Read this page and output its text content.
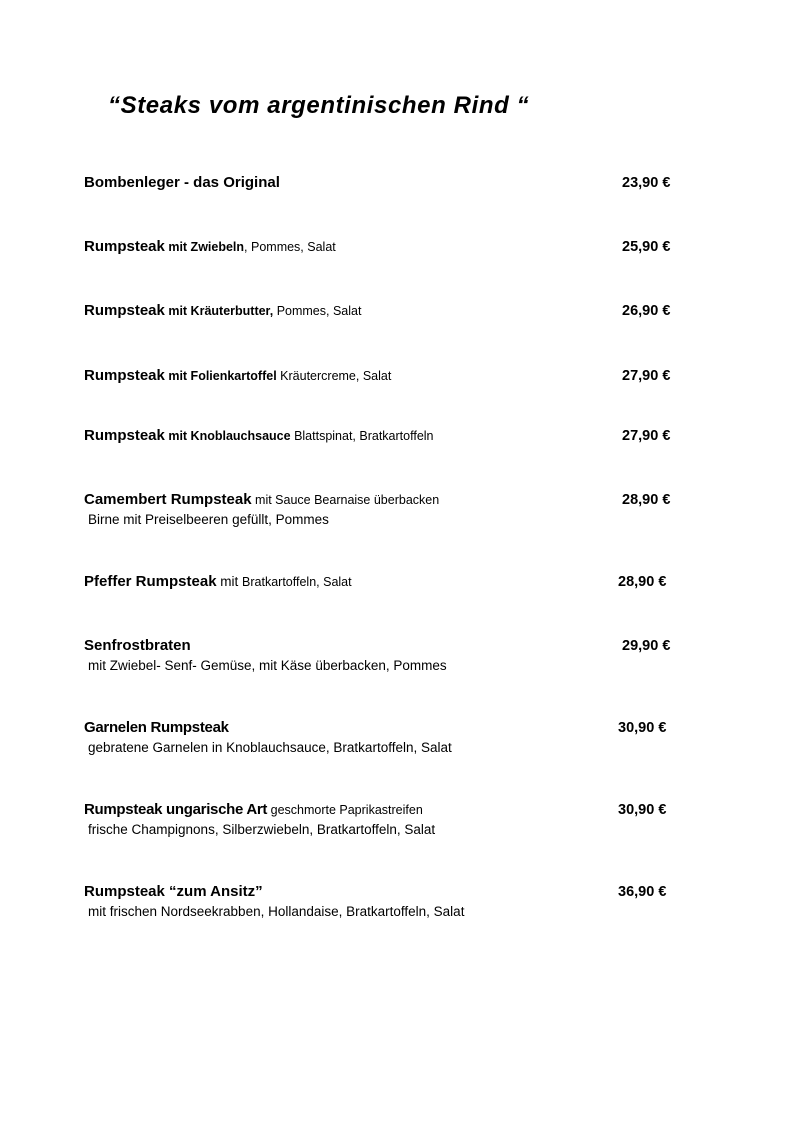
“Steaks vom argentinischen Rind “
Bombenleger - das Original	23,90 €
Rumpsteak mit Zwiebeln, Pommes, Salat	25,90 €
Rumpsteak mit Kräuterbutter, Pommes, Salat	26,90 €
Rumpsteak mit Folienkartoffel Kräutercreme, Salat	27,90 €
Rumpsteak mit Knoblauchsauce Blattspinat, Bratkartoffeln	27,90 €
Camembert Rumpsteak mit Sauce Bearnaise überbacken
Birne mit Preiselbeeren gefüllt, Pommes
28,90 €
Pfeffer Rumpsteak mit Bratkartoffeln, Salat	28,90 €
Senfrostbraten
mit Zwiebel- Senf- Gemüse, mit Käse überbacken, Pommes
29,90 €
Garnelen Rumpsteak
gebratene Garnelen in Knoblauchsauce, Bratkartoffeln, Salat
30,90 €
Rumpsteak ungarische Art geschmorte Paprikastreifen
frische Champignons, Silberzwiebeln, Bratkartoffeln, Salat
30,90 €
Rumpsteak “zum Ansitz”
mit frischen Nordseekrabben, Hollandaise, Bratkartoffeln, Salat
36,90 €
